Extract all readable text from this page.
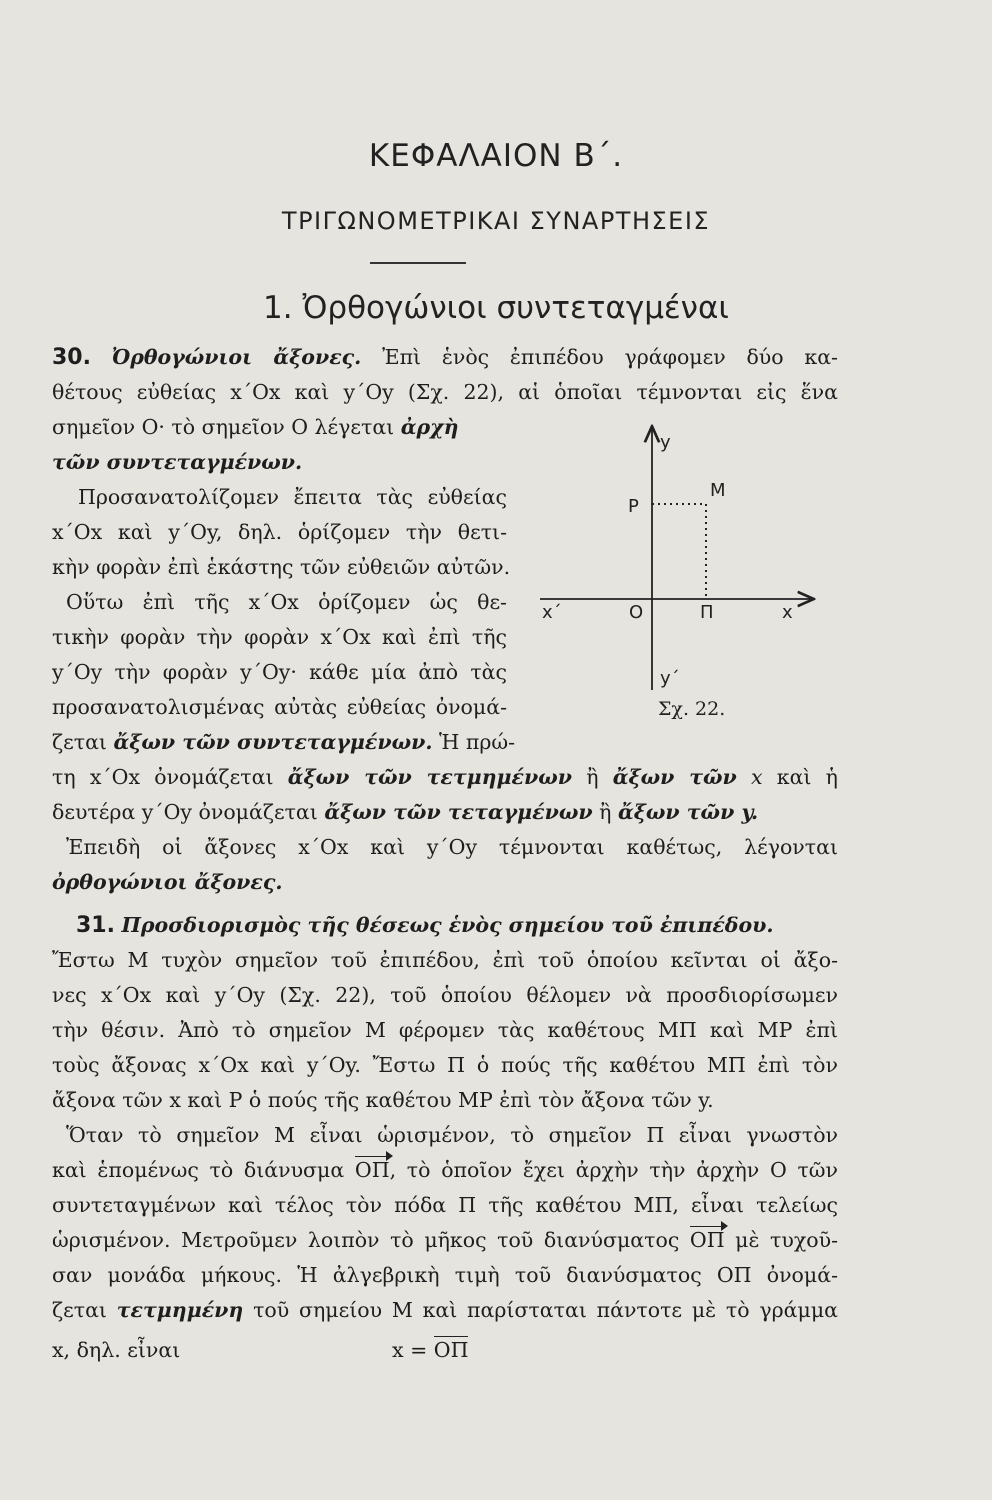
ΚΕΦΑΛΑΙΟΝ Β΄.
ΤΡΙΓΩΝΟΜΕΤΡΙΚΑΙ ΣΥΝΑΡΤΗΣΕΙΣ
1. Ὀρθογώνιοι συντεταγμέναι
30. Ὀρθογώνιοι ἄξονες. Ἐπὶ ἑνὸς ἐπιπέδου γράφομεν δύο κα-
θέτους εὐθείας x΄Ox καὶ y΄Oy (Σχ. 22), αἱ ὁποῖαι τέμνονται εἰς ἕνα
σημεῖον O· τὸ σημεῖον O λέγεται ἀρχὴ
τῶν συντεταγμένων.
Προσανατολίζομεν ἔπειτα τὰς εὐθείας
x΄Ox καὶ y΄Oy, δηλ. ὁρίζομεν τὴν θετι-
κὴν φορὰν ἐπὶ ἑκάστης τῶν εὐθειῶν αὐτῶν.
Οὕτω ἐπὶ τῆς x΄Ox ὁρίζομεν ὡς θε-
τικὴν φορὰν τὴν φορὰν x΄Ox καὶ ἐπὶ τῆς
y΄Oy τὴν φορὰν y΄Oy· κάθε μία ἀπὸ τὰς
προσανατολισμένας αὐτὰς εὐθείας ὀνομά-
ζεται ἄξων τῶν συντεταγμένων. Ἡ πρώ-
τη x΄Ox ὀνομάζεται ἄξων τῶν τετμημένων ἢ ἄξων τῶν x καὶ ἡ
δευτέρα y΄Oy ὀνομάζεται ἄξων τῶν τεταγμένων ἢ ἄξων τῶν y.
Ἐπειδὴ οἱ ἄξονες x΄Ox καὶ y΄Oy τέμνονται καθέτως, λέγονται
ὀρθογώνιοι ἄξονες.
31. Προσδιορισμὸς τῆς θέσεως ἑνὸς σημείου τοῦ ἐπιπέδου.
Ἔστω M τυχὸν σημεῖον τοῦ ἐπιπέδου, ἐπὶ τοῦ ὁποίου κεῖνται οἱ ἄξο-
νες x΄Ox καὶ y΄Oy (Σχ. 22), τοῦ ὁποίου θέλομεν νὰ προσδιορίσωμεν
τὴν θέσιν. Ἀπὸ τὸ σημεῖον M φέρομεν τὰς καθέτους MΠ καὶ MP ἐπὶ
τοὺς ἄξονας x΄Ox καὶ y΄Oy. Ἔστω Π ὁ πούς τῆς καθέτου MΠ ἐπὶ τὸν
ἄξονα τῶν x καὶ P ὁ πούς τῆς καθέτου MP ἐπὶ τὸν ἄξονα τῶν y.
Ὅταν τὸ σημεῖον M εἶναι ὡρισμένον, τὸ σημεῖον Π εἶναι γνωστὸν
καὶ ἑπομένως τὸ διάνυσμα OΠ, τὸ ὁποῖον ἔχει ἀρχὴν τὴν ἀρχὴν O τῶν
συντεταγμένων καὶ τέλος τὸν πόδα Π τῆς καθέτου MΠ, εἶναι τελείως
ὡρισμένον. Μετροῦμεν λοιπὸν τὸ μῆκος τοῦ διανύσματος OΠ μὲ τυχοῦ-
σαν μονάδα μήκους. Ἡ ἀλγεβρικὴ τιμὴ τοῦ διανύσματος OΠ ὀνομά-
ζεται τετμημένη τοῦ σημείου M καὶ παρίσταται πάντοτε μὲ τὸ γράμμα
x, δηλ. εἶναι	x = OΠ
y
M
P
x΄	O	Π	x
y΄
Σχ. 22.
